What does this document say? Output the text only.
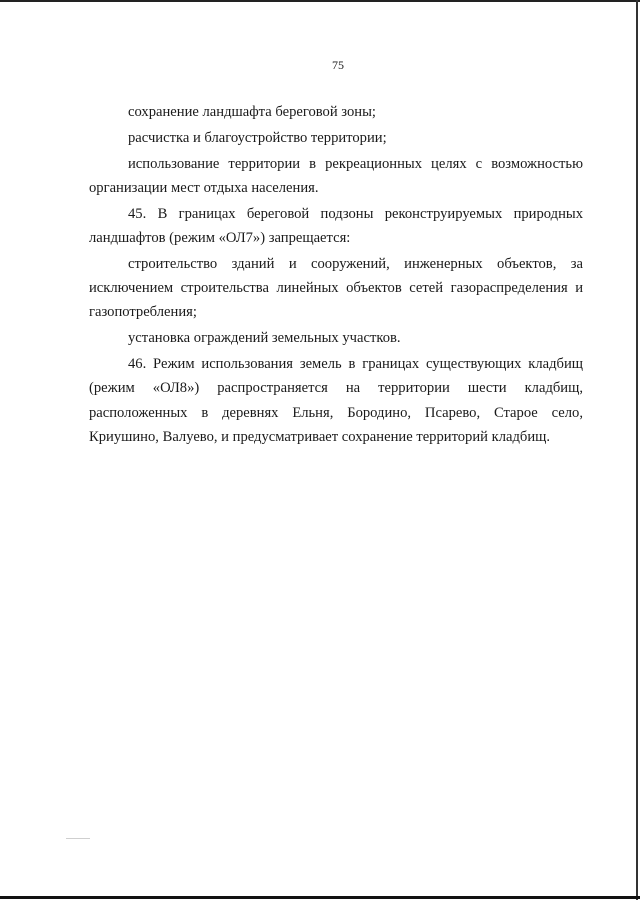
75

сохранение ландшафта береговой зоны;

расчистка и благоустройство территории;

использование территории в рекреационных целях с возможностью организации мест отдыха населения.

45. В границах береговой подзоны реконструируемых природных ландшафтов (режим «ОЛ7») запрещается:

строительство зданий и сооружений, инженерных объектов, за исключением строительства линейных объектов сетей газораспределения и газопотребления;

установка ограждений земельных участков.

46. Режим использования земель в границах существующих кладбищ (режим «ОЛ8») распространяется на территории шести кладбищ, расположенных в деревнях Ельня, Бородино, Псарево, Старое село, Криушино, Валуево, и предусматривает сохранение территорий кладбищ.
